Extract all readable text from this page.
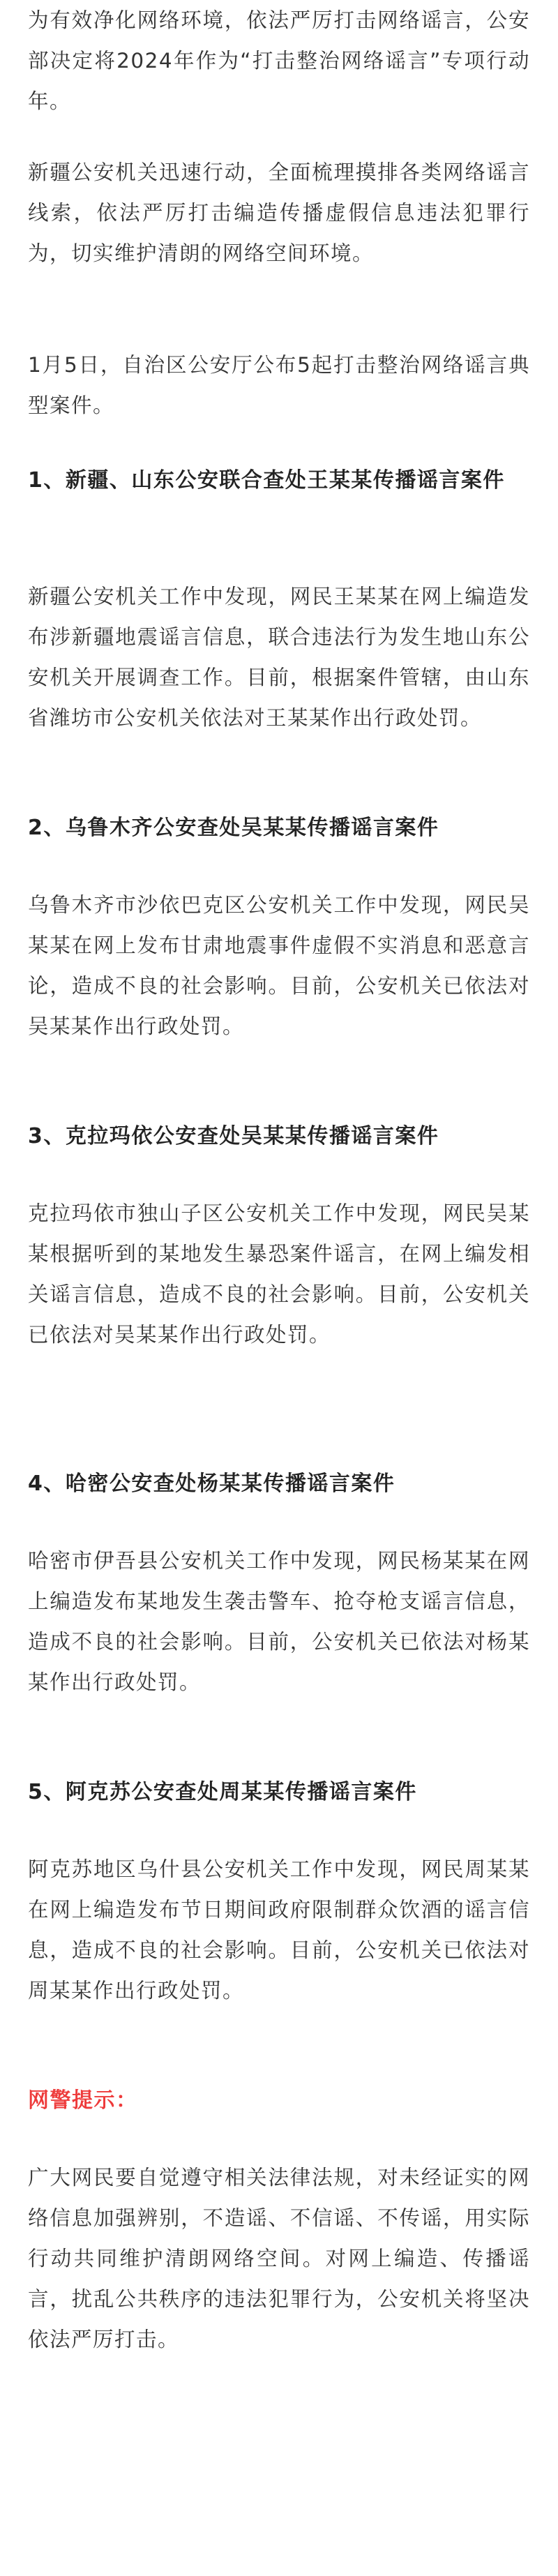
为有效净化网络环境，依法严厉打击网络谣言，公安部决定将2024年作为“打击整治网络谣言”专项行动年。

新疆公安机关迅速行动，全面梳理摸排各类网络谣言线索，依法严厉打击编造传播虚假信息违法犯罪行为，切实维护清朗的网络空间环境。

1月5日，自治区公安厅公布5起打击整治网络谣言典型案件。

1、新疆、山东公安联合查处王某某传播谣言案件

新疆公安机关工作中发现，网民王某某在网上编造发布涉新疆地震谣言信息，联合违法行为发生地山东公安机关开展调查工作。目前，根据案件管辖，由山东省潍坊市公安机关依法对王某某作出行政处罚。

2、乌鲁木齐公安查处吴某某传播谣言案件

乌鲁木齐市沙依巴克区公安机关工作中发现，网民吴某某在网上发布甘肃地震事件虚假不实消息和恶意言论，造成不良的社会影响。目前，公安机关已依法对吴某某作出行政处罚。

3、克拉玛依公安查处吴某某传播谣言案件

克拉玛依市独山子区公安机关工作中发现，网民吴某某根据听到的某地发生暴恐案件谣言，在网上编发相关谣言信息，造成不良的社会影响。目前，公安机关已依法对吴某某作出行政处罚。

4、哈密公安查处杨某某传播谣言案件

哈密市伊吾县公安机关工作中发现，网民杨某某在网上编造发布某地发生袭击警车、抢夺枪支谣言信息，造成不良的社会影响。目前，公安机关已依法对杨某某作出行政处罚。

5、阿克苏公安查处周某某传播谣言案件

阿克苏地区乌什县公安机关工作中发现，网民周某某在网上编造发布节日期间政府限制群众饮酒的谣言信息，造成不良的社会影响。目前，公安机关已依法对周某某作出行政处罚。

网警提示：

广大网民要自觉遵守相关法律法规，对未经证实的网络信息加强辨别，不造谣、不信谣、不传谣，用实际行动共同维护清朗网络空间。对网上编造、传播谣言，扰乱公共秩序的违法犯罪行为，公安机关将坚决依法严厉打击。
